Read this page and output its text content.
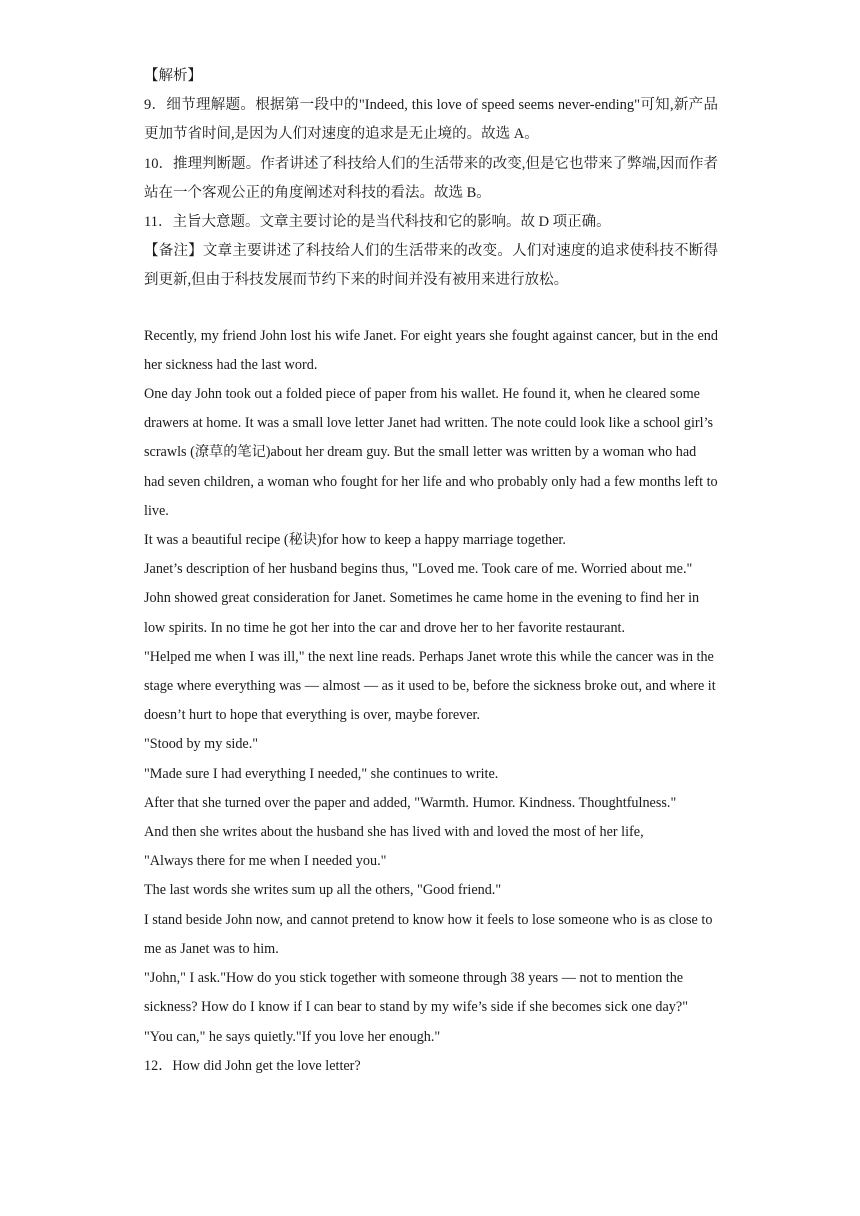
【解析】

9．细节理解题。根据第一段中的"Indeed, this love of speed seems never-ending"可知,新产品更加节省时间,是因为人们对速度的追求是无止境的。故选 A。

10．推理判断题。作者讲述了科技给人们的生活带来的改变,但是它也带来了弊端,因而作者站在一个客观公正的角度阐述对科技的看法。故选 B。

11．主旨大意题。文章主要讨论的是当代科技和它的影响。故 D 项正确。

【备注】文章主要讲述了科技给人们的生活带来的改变。人们对速度的追求使科技不断得到更新,但由于科技发展而节约下来的时间并没有被用来进行放松。

Recently, my friend John lost his wife Janet. For eight years she fought against cancer, but in the end her sickness had the last word.

One day John took out a folded piece of paper from his wallet. He found it, when he cleared some drawers at home. It was a small love letter Janet had written. The note could look like a school girl’s scrawls (潦草的笔记)about her dream guy. But the small letter was written by a woman who had had seven children, a woman who fought for her life and who probably only had a few months left to live.

It was a beautiful recipe (秘诀)for how to keep a happy marriage together.

Janet’s description of her husband begins thus, "Loved me. Took care of me. Worried about me."

John showed great consideration for Janet. Sometimes he came home in the evening to find her in low spirits. In no time he got her into the car and drove her to her favorite restaurant.

"Helped me when I was ill," the next line reads. Perhaps Janet wrote this while the cancer was in the stage where everything was — almost — as it used to be, before the sickness broke out, and where it doesn’t hurt to hope that everything is over, maybe forever.

"Stood by my side."

"Made sure I had everything I needed," she continues to write.

After that she turned over the paper and added, "Warmth. Humor. Kindness. Thoughtfulness."

And then she writes about the husband she has lived with and loved the most of her life,

"Always there for me when I needed you."

The last words she writes sum up all the others, "Good friend."

I stand beside John now, and cannot pretend to know how it feels to lose someone who is as close to me as Janet was to him.

"John," I ask."How do you stick together with someone through 38 years — not to mention the sickness? How do I know if I can bear to stand by my wife’s side if she becomes sick one day?"

"You can," he says quietly."If you love her enough."

12．How did John get the love letter?
